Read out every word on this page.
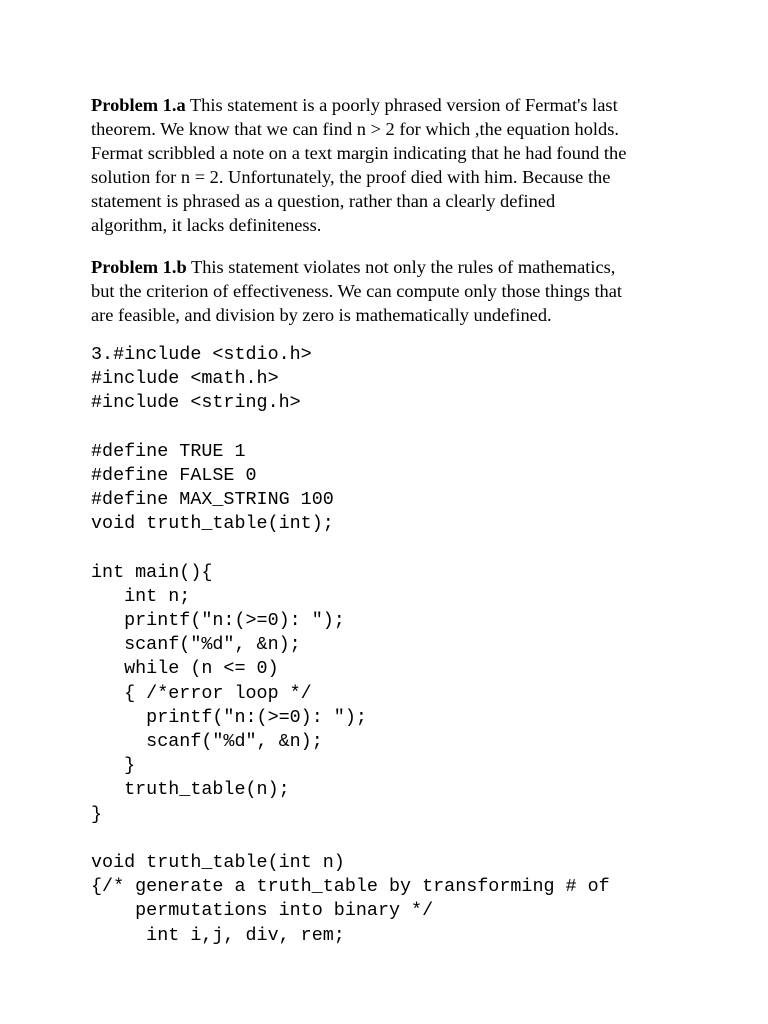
Problem 1.a This statement is a poorly phrased version of Fermat's last
theorem. We know that we can find n > 2 for which ,the equation holds.
Fermat scribbled a note on a text margin indicating that he had found the
solution for n = 2. Unfortunately, the proof died with him. Because the
statement is phrased as a question, rather than a clearly defined
algorithm, it lacks definiteness.
Problem 1.b This statement violates not only the rules of mathematics,
but the criterion of effectiveness. We can compute only those things that
are feasible, and division by zero is mathematically undefined.
3.#include <stdio.h>
#include <math.h>
#include <string.h>
#define TRUE 1
#define FALSE 0
#define MAX_STRING 100
void truth_table(int);
int main(){
int n;
printf("n:(>=0): ");
scanf("%d", &n);
while (n <= 0)
{ /*error loop */
printf("n:(>=0): ");
scanf("%d", &n);
}
truth_table(n);
}
void truth_table(int n)
{/* generate a truth_table by transforming # of
permutations into binary */
int i,j, div, rem;
